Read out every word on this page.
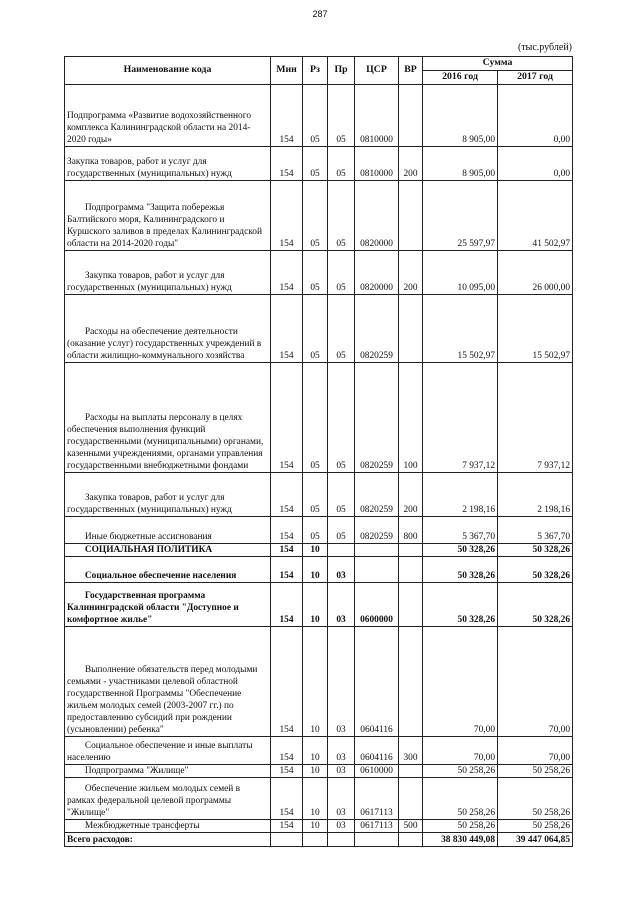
287
(тыс.рублей)
Наименование кода	Мин	Рз	Пр	ЦСР	ВР	Сумма	
						2016 год	2017 год
Подпрограмма «Развитие водохозяйственного комплекса Калининградской области на 2014-2020 годы»	154	05	05	0810000		8 905,00	0,00
Закупка товаров, работ и услуг для государственных (муниципальных) нужд	154	05	05	0810000	200	8 905,00	0,00
Подпрограмма "Защита побережья Балтийского моря, Калининградского и Куршского заливов в пределах Калининградской области на 2014-2020 годы"	154	05	05	0820000		25 597,97	41 502,97
Закупка товаров, работ и услуг для государственных (муниципальных) нужд	154	05	05	0820000	200	10 095,00	26 000,00
Расходы на обеспечение деятельности (оказание услуг) государственных учреждений в области жилищно-коммунального хозяйства	154	05	05	0820259		15 502,97	15 502,97
Расходы на выплаты персоналу в целях обеспечения выполнения функций государственными (муниципальными) органами, казенными учреждениями, органами управления государственными внебюджетными фондами	154	05	05	0820259	100	7 937,12	7 937,12
Закупка товаров, работ и услуг для государственных (муниципальных) нужд	154	05	05	0820259	200	2 198,16	2 198,16
Иные бюджетные ассигнования	154	05	05	0820259	800	5 367,70	5 367,70
СОЦИАЛЬНАЯ ПОЛИТИКА	154	10				50 328,26	50 328,26
Социальное обеспечение населения	154	10	03			50 328,26	50 328,26
Государственная программа Калининградской области "Доступное и комфортное жилье"	154	10	03	0600000		50 328,26	50 328,26
Выполнение обязательств перед молодыми семьями - участниками целевой областной государственной Программы "Обеспечение жильем молодых семей (2003-2007 гг.) по предоставлению субсидий при рождении (усыновлении) ребенка"	154	10	03	0604116		70,00	70,00
Социальное обеспечение и иные выплаты населению	154	10	03	0604116	300	70,00	70,00
Подпрограмма "Жилище"	154	10	03	0610000		50 258,26	50 258,26
Обеспечение жильем молодых семей в рамках федеральной целевой программы "Жилище"	154	10	03	0617113		50 258,26	50 258,26
Межбюджетные трансферты	154	10	03	0617113	500	50 258,26	50 258,26
Всего расходов:						38 830 449,08	39 447 064,85
